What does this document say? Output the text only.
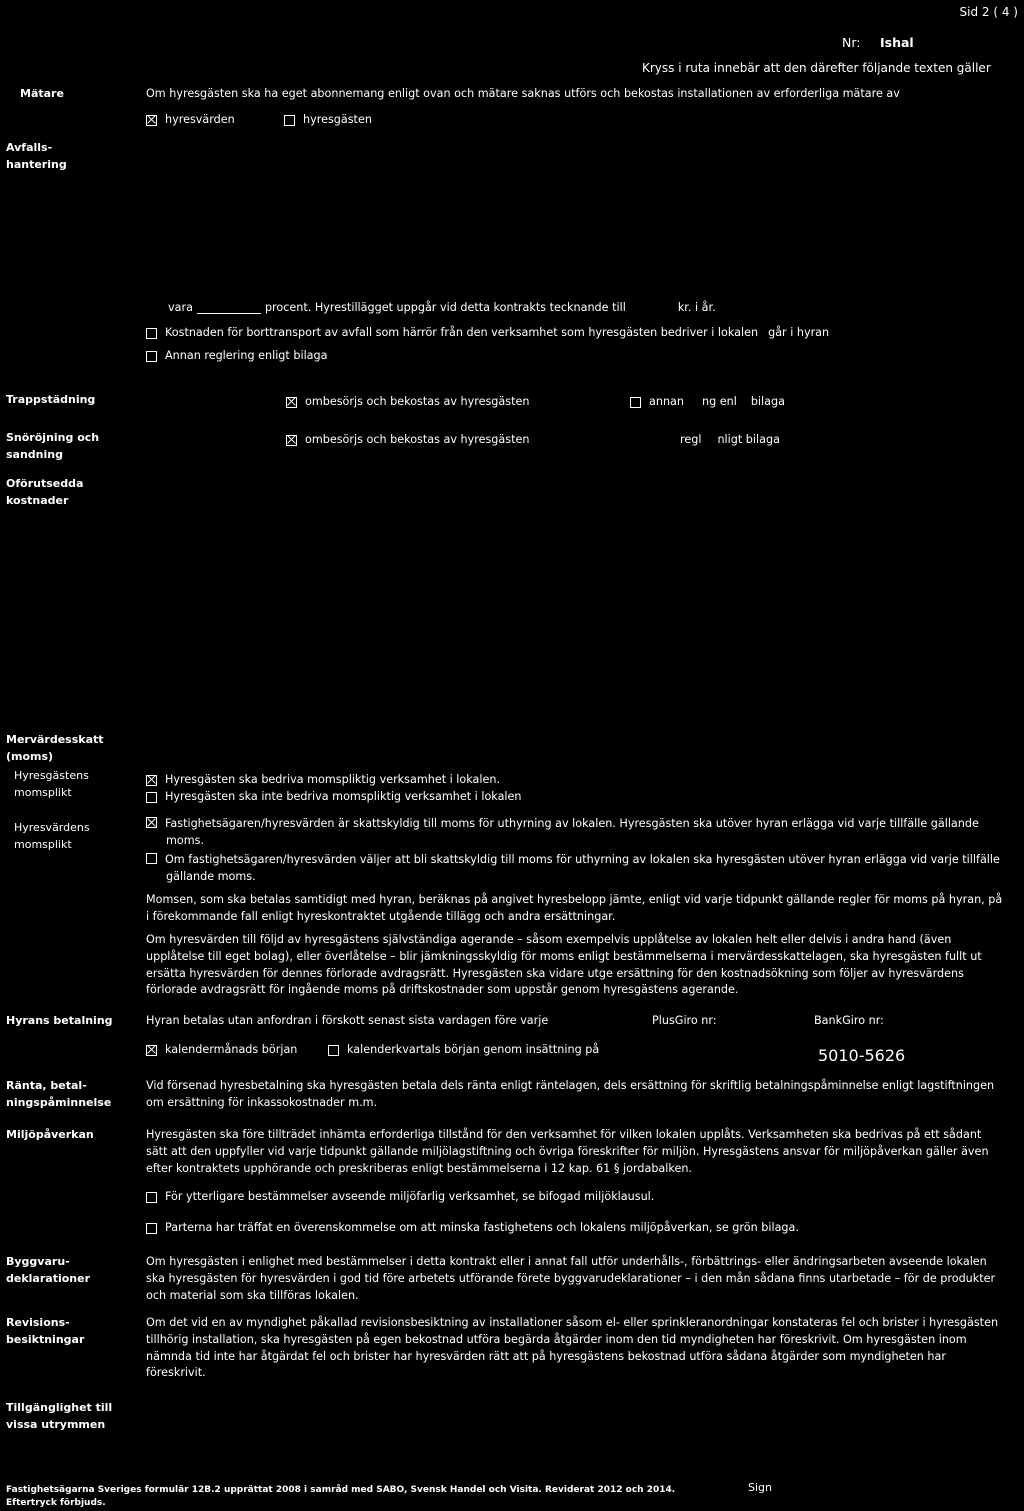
Sid 2 ( 4 )
Nr: Ishal
Kryss i ruta innebär att den därefter följande texten gäller
Mätare	Om hyresgästen ska ha eget abonnemang enligt ovan och mätare saknas utförs och bekostas installationen av erforderliga mätare av
hyresvärden	hyresgästen
Avfalls-
hantering
vara	procent. Hyrestillägget uppgår vid detta kontrakts tecknande till	kr. i år.
Kostnaden för borttransport av avfall som härrör från den verksamhet som hyresgästen bedriver i lokalen går i hyran
Annan reglering enligt bilaga
Trappstädning	ombesörjs och bekostas av hyresgästen	annan ng enl bilaga
Snöröjning och
sandning
ombesörjs och bekostas av hyresgästen	regl nligt bilaga
Oförutsedda
kostnader
Mervärdesskatt
(moms)
Hyresgästens
momsplikt
Hyresgästen ska bedriva momspliktig verksamhet i lokalen.
Hyresgästen ska inte bedriva momspliktig verksamhet i lokalen
Hyresvärdens
momsplikt
Fastighetsägaren/hyresvärden är skattskyldig till moms för uthyrning av lokalen. Hyresgästen ska utöver hyran erlägga vid varje tillfälle gällande moms.
Om fastighetsägaren/hyresvärden väljer att bli skattskyldig till moms för uthyrning av lokalen ska hyresgästen utöver hyran erlägga vid varje tillfälle gällande moms.
Momsen, som ska betalas samtidigt med hyran, beräknas på angivet hyresbelopp jämte, enligt vid varje tidpunkt gällande regler för moms på hyran, på i förekommande fall enligt hyreskontraktet utgående tillägg och andra ersättningar.
Om hyresvärden till följd av hyresgästens självständiga agerande – såsom exempelvis upplåtelse av lokalen helt eller delvis i andra hand (även upplåtelse till eget bolag), eller överlåtelse – blir jämkningsskyldig för moms enligt bestämmelserna i mervärdesskattelagen, ska hyresgästen fullt ut ersätta hyresvärden för dennes förlorade avdragsrätt. Hyresgästen ska vidare utge ersättning för den kostnadsökning som följer av hyresvärdens förlorade avdragsrätt för ingående moms på driftskostnader som uppstår genom hyresgästens agerande.
Hyrans betalning	Hyran betalas utan anfordran i förskott senast sista vardagen före varje	PlusGiro nr:	BankGiro nr:
kalendermånads början	kalenderkvartals början genom insättning på	5010-5626
Ränta, betal-
ningspåminnelse
Vid försenad hyresbetalning ska hyresgästen betala dels ränta enligt räntelagen, dels ersättning för skriftlig betalningspåminnelse enligt lagstiftningen om ersättning för inkassokostnader m.m.
Miljöpåverkan	Hyresgästen ska före tillträdet inhämta erforderliga tillstånd för den verksamhet för vilken lokalen upplåts. Verksamheten ska bedrivas på ett sådant sätt att den uppfyller vid varje tidpunkt gällande miljölagstiftning och övriga föreskrifter för miljön. Hyresgästens ansvar för miljöpåverkan gäller även efter kontraktets upphörande och preskriberas enligt bestämmelserna i 12 kap. 61 § jordabalken.
För ytterligare bestämmelser avseende miljöfarlig verksamhet, se bifogad miljöklausul.
Parterna har träffat en överenskommelse om att minska fastighetens och lokalens miljöpåverkan, se grön bilaga.
Byggvaru-
deklarationer
Om hyresgästen i enlighet med bestämmelser i detta kontrakt eller i annat fall utför underhålls-, förbättrings- eller ändringsarbeten avseende lokalen ska hyresgästen för hyresvärden i god tid före arbetets utförande förete byggvarudeklarationer – i den mån sådana finns utarbetade – för de produkter och material som ska tillföras lokalen.
Revisions-
besiktningar
Om det vid en av myndighet påkallad revisionsbesiktning av installationer såsom el- eller sprinkleranordningar konstateras fel och brister i hyresgästen tillhörig installation, ska hyresgästen på egen bekostnad utföra begärda åtgärder inom den tid myndigheten har föreskrivit. Om hyresgästen inom nämnda tid inte har åtgärdat fel och brister har hyresvärden rätt att på hyresgästens bekostnad utföra sådana åtgärder som myndigheten har föreskrivit.
Tillgänglighet till
vissa utrymmen
Fastighetsägarna Sveriges formulär 12B.2 upprättat 2008 i samråd med SABO, Svensk Handel och Visita. Reviderat 2012 och 2014.	Sign
Eftertryck förbjuds.
